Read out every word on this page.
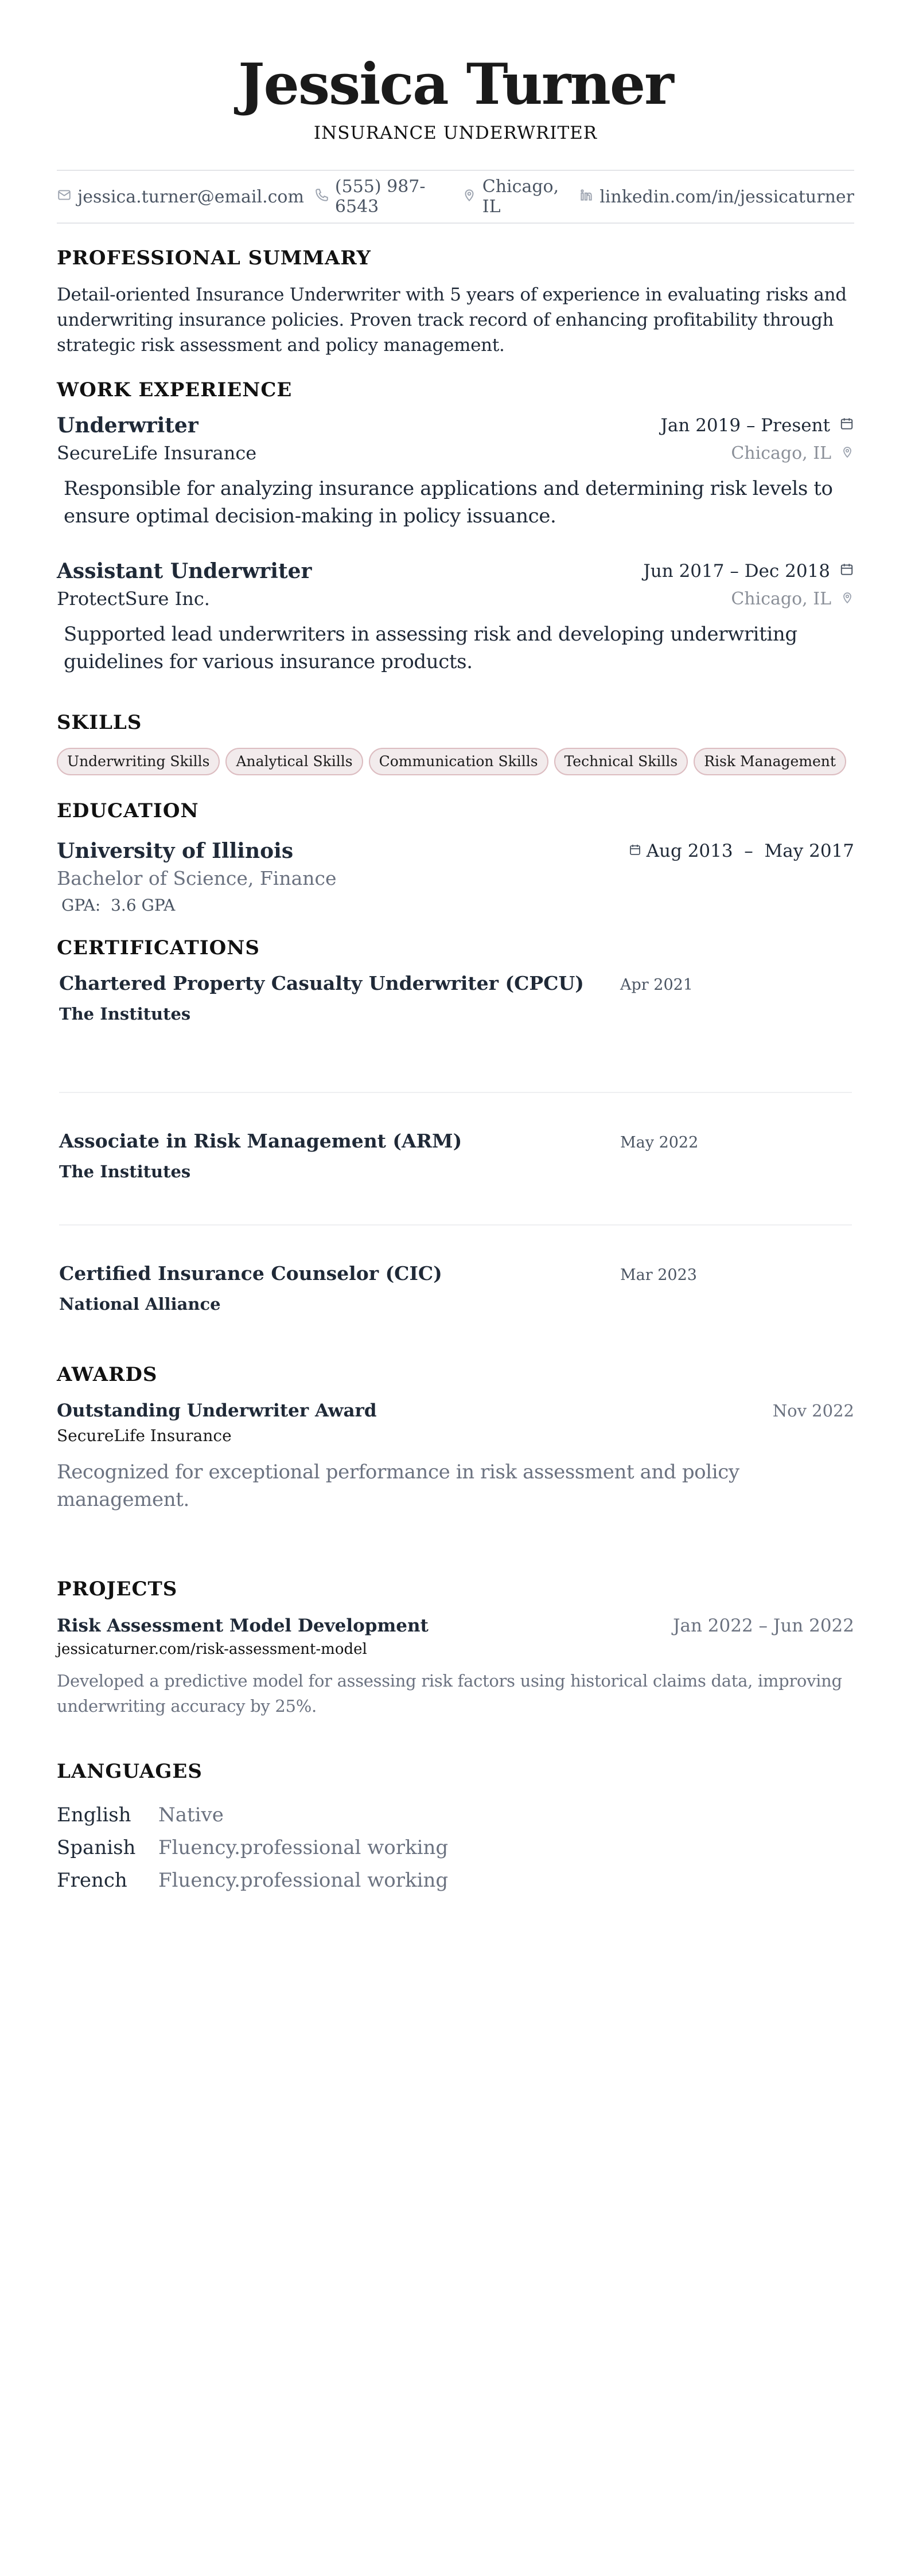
Jessica Turner
INSURANCE UNDERWRITER
jessica.turner@email.com (555) 987-6543
Chicago, IL	linkedin.com/in/jessicaturner
PROFESSIONAL SUMMARY

Detail-oriented Insurance Underwriter with 5 years of experience in evaluating risks and underwriting insurance policies. Proven track record of enhancing profitability through strategic risk assessment and policy management.

WORK EXPERIENCE
Underwriter	Jan 2019 – Present
SecureLife Insurance	Chicago, IL

Responsible for analyzing insurance applications and determining risk levels to ensure optimal decision-making in policy issuance.

Assistant Underwriter	Jun 2017 – Dec 2018
ProtectSure Inc.	Chicago, IL

Supported lead underwriters in assessing risk and developing underwriting guidelines for various insurance products.

SKILLS
Underwriting Skills	Analytical Skills	Communication Skills	Technical Skills	Risk Management
EDUCATION
University of Illinois	Aug 2013  –  May 2017
Bachelor of Science, Finance
GPA: 3.6 GPA
CERTIFICATIONS
Chartered Property Casualty Underwriter (CPCU)	Apr 2021
The Institutes
Associate in Risk Management (ARM)	May 2022
The Institutes
Certified Insurance Counselor (CIC)	Mar 2023
National Alliance
AWARDS
Outstanding Underwriter Award	Nov 2022
SecureLife Insurance

Recognized for exceptional performance in risk assessment and policy management.

PROJECTS
Risk Assessment Model Development	Jan 2022 – Jun 2022
jessicaturner.com/risk-assessment-model

Developed a predictive model for assessing risk factors using historical claims data, improving underwriting accuracy by 25%.

LANGUAGES
English	Native
Spanish	Fluency.professional working
French	Fluency.professional working
